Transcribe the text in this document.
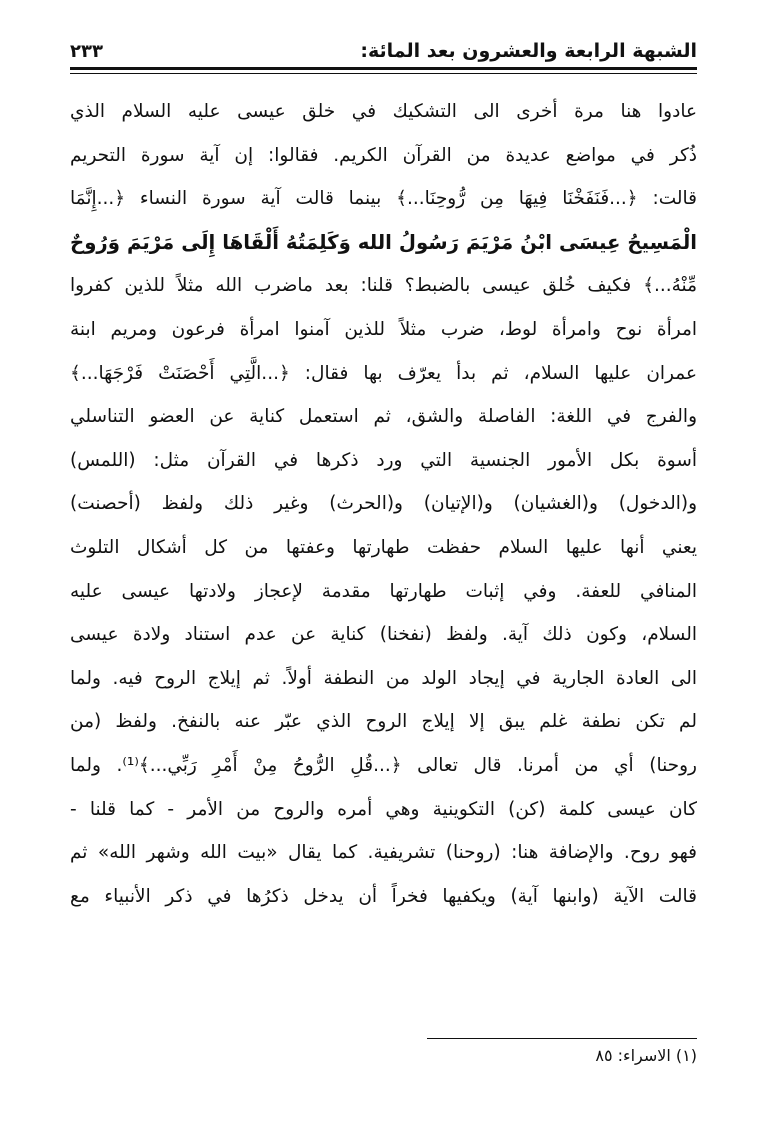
الشبهة الرابعة والعشرون بعد المائة:
٢٣٣
عادوا هنا مرة أخرى الى التشكيك في خلق عيسى عليه السلام الذي
ذُكر في مواضع عديدة من القرآن الكريم. فقالوا: إن آية سورة التحريم
قالت: ﴿...فَنَفَخْنَا فِيهَا مِن رُّوحِنَا...﴾ بينما قالت آية سورة النساء ﴿...إِنَّمَا
الْمَسِيحُ عِيسَى ابْنُ مَرْيَمَ رَسُولُ الله وَكَلِمَتُهُ أَلْقَاهَا إِلَى مَرْيَمَ وَرُوحٌ
مِّنْهُ...﴾ فكيف خُلق عيسى بالضبط؟ قلنا: بعد ماضرب الله مثلاً للذين كفروا
امرأة نوح وامرأة لوط، ضرب مثلاً للذين آمنوا امرأة فرعون ومريم ابنة
عمران عليها السلام، ثم بدأ يعرّف بها فقال: ﴿...الَّتِي أَحْصَنَتْ فَرْجَهَا...﴾
والفرج في اللغة: الفاصلة والشق، ثم استعمل كناية عن العضو التناسلي
أسوة بكل الأمور الجنسية التي ورد ذكرها في القرآن مثل: (اللمس)
و(الدخول) و(الغشيان) و(الإتيان) و(الحرث) وغير ذلك ولفظ (أحصنت)
يعني أنها عليها السلام حفظت طهارتها وعفتها من كل أشكال التلوث
المنافي للعفة. وفي إثبات طهارتها مقدمة لإعجاز ولادتها عيسى عليه
السلام، وكون ذلك آية. ولفظ (نفخنا) كناية عن عدم استناد ولادة عيسى
الى العادة الجارية في إيجاد الولد من النطفة أولاً. ثم إيلاج الروح فيه. ولما
لم تكن نطفة غلم يبق إلا إيلاج الروح الذي عبّر عنه بالنفخ. ولفظ (من
روحنا) أي من أمرنا. قال تعالى ﴿...قُلِ الرُّوحُ مِنْ أَمْرِ رَبِّي...﴾⁽¹⁾. ولما
كان عيسى كلمة (كن) التكوينية وهي أمره والروح من الأمر - كما قلنا -
فهو روح. والإضافة هنا: (روحنا) تشريفية. كما يقال «بيت الله وشهر الله» ثم
قالت الآية (وابنها آية) ويكفيها فخراً أن يدخل ذكرُها في ذكر الأنبياء مع
(١) الاسراء: ٨٥
